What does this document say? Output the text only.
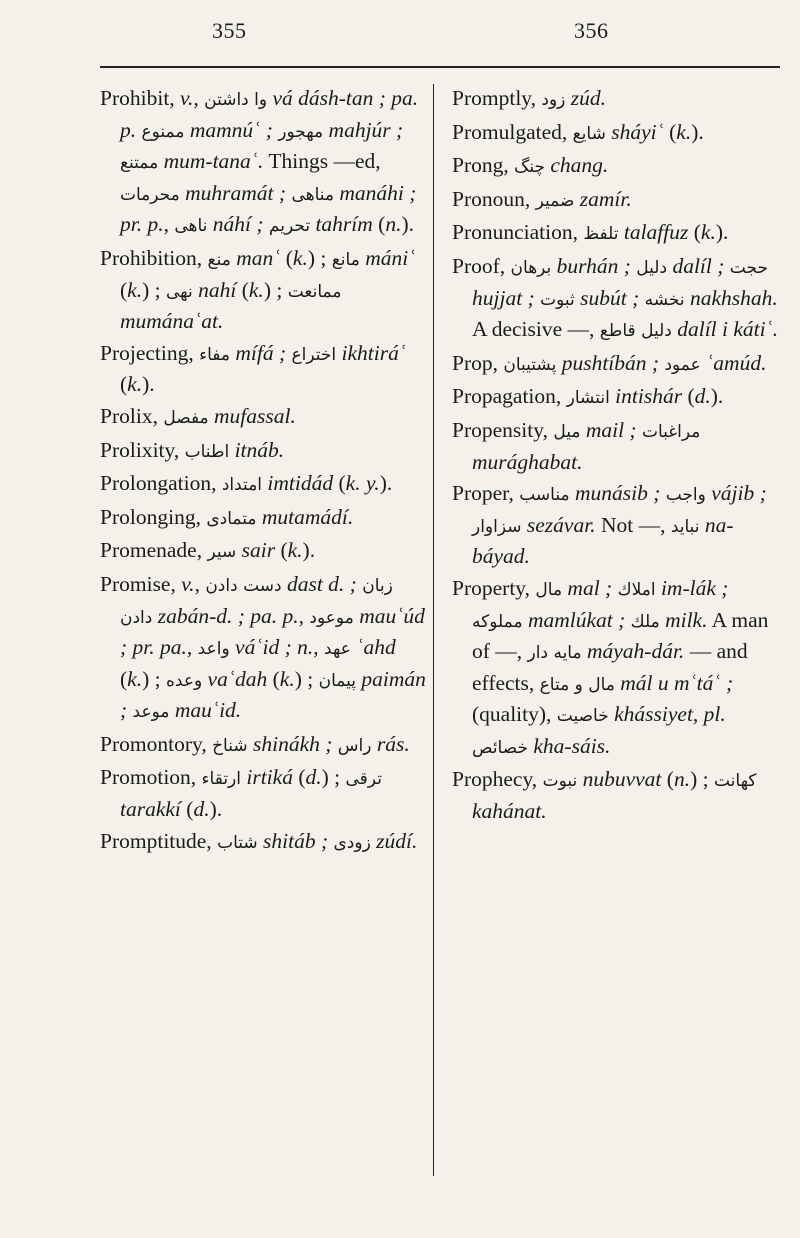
355	356

Prohibit, v., وا داشتن vá dásh-tan ; pa. p. ممنوع mamnúʿ ; مهجور mahjúr ; ممتنع mum-tanaʿ. Things —ed, محرمات muhramát ; مناهی manáhi ; pr. p., ناهی náhí ; تحريم tahrím (n.).

Prohibition, منع manʿ (k.) ; مانع mániʿ (k.) ; نهی nahí (k.) ; ممانعت mumánaʿat.

Projecting, مفاء mífá ; اختراع ikhtiráʿ (k.).

Prolix, مفصل mufassal.

Prolixity, اطناب itnáb.

Prolongation, امتداد imtidád (k. y.).

Prolonging, متمادی mutamádí.

Promenade, سير sair (k.).

Promise, v., دست دادن dast d. ; زبان دادن zabán-d. ; pa. p., موعود mauʿúd ; pr. pa., واعد váʿid ; n., عهد ʿahd (k.) ; وعده vaʿdah (k.) ; پيمان paimán ; موعد mauʿid.

Promontory, شناخ shinákh ; راس rás.

Promotion, ارتقاء irtiká (d.) ; ترقی tarakkí (d.).

Promptitude, شتاب shitáb ; زودی zúdí.

Promptly, زود zúd.

Promulgated, شايع sháyiʿ (k.).

Prong, چنگ chang.

Pronoun, ضمير zamír.

Pronunciation, تلفظ talaffuz (k.).

Proof, برهان burhán ; دليل dalíl ; حجت hujjat ; ثبوت subút ; نخشه nakhshah. A decisive —, دليل قاطع dalíl i kátiʿ.

Prop, پشتيبان pushtíbán ; عمود ʿamúd.

Propagation, انتشار intishár (d.).

Propensity, ميل mail ; مراغبات murághabat.

Proper, مناسب munásib ; واجب vájib ; سزاوار sezávar. Not —, نبايد na-báyad.

Property, مال mal ; املاك im-lák ; مملوكه mamlúkat ; ملك milk. A man of —, مايه دار máyah-dár. — and effects, مال و متاع mál u mʿtáʿ ; (quality), خاصيت khássiyet, pl. خصائص kha-sáis.

Prophecy, نبوت nubuvvat (n.) ; كهانت kahánat.
